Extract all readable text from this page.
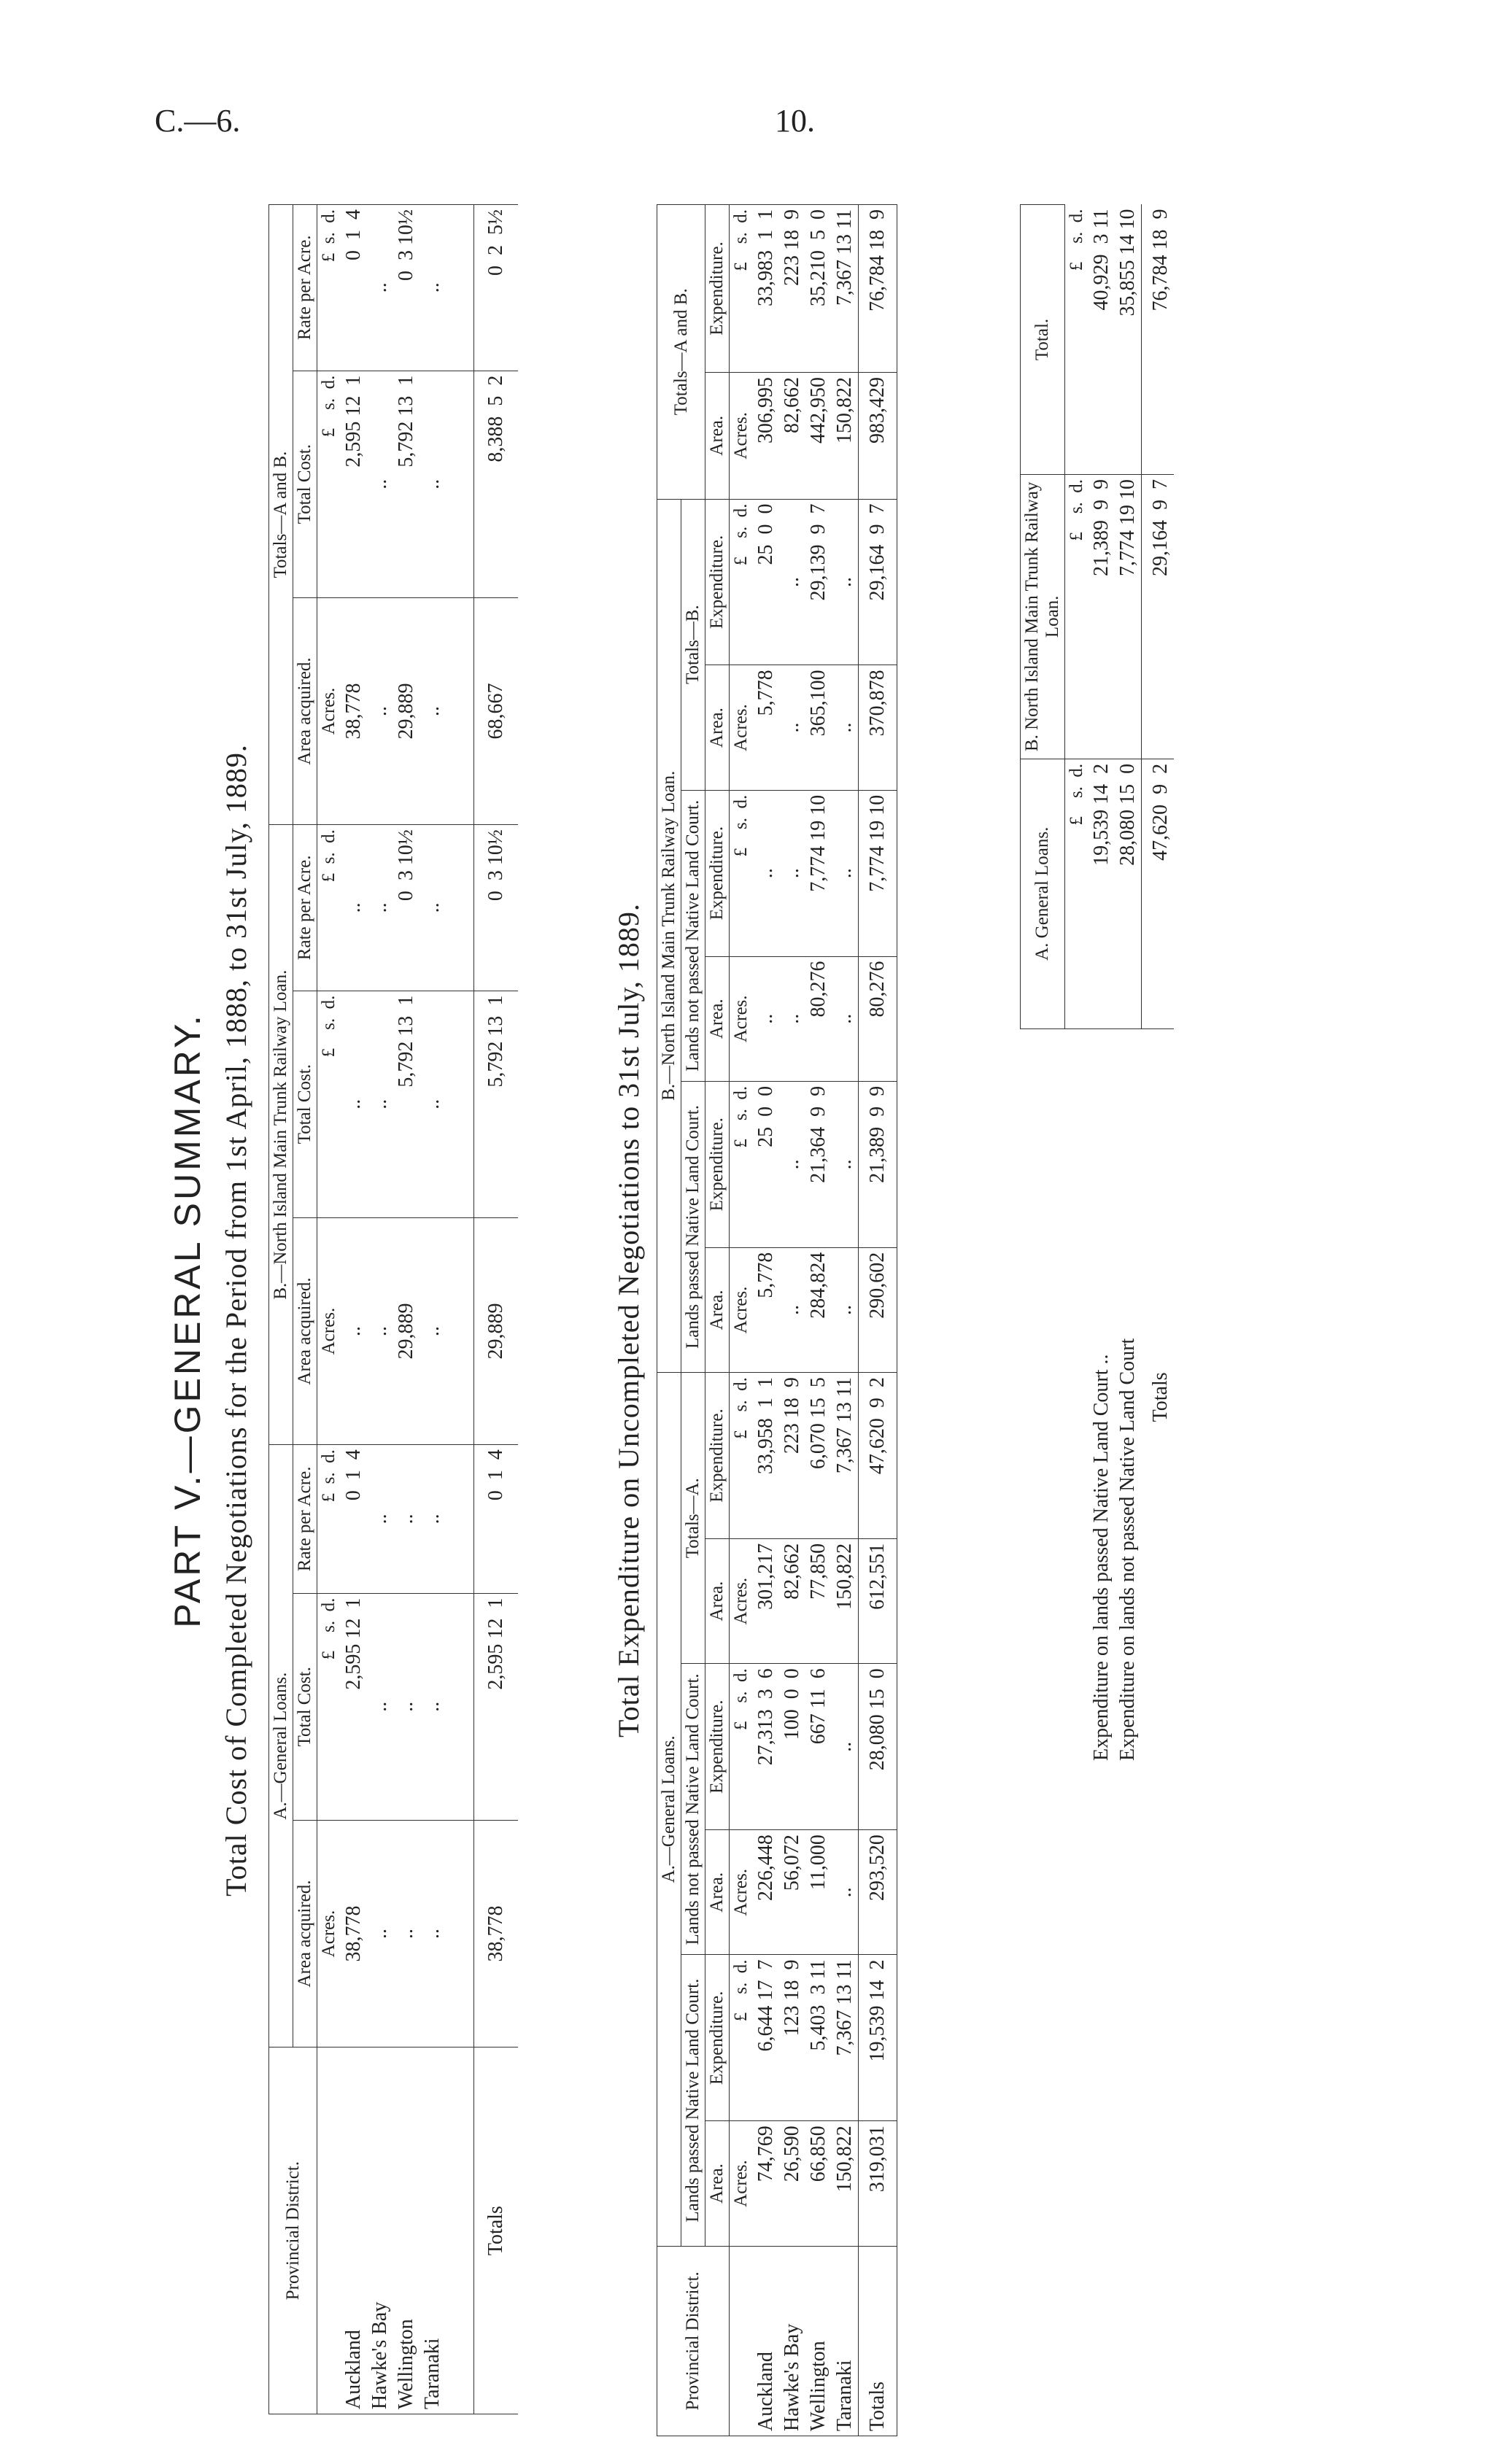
C.—6.	10.
PART V.—GENERAL SUMMARY. Total Cost of Completed Negotiations for the Period from 1st April, 1888, to 31st July, 1889.
Provincial District.	A.—General Loans.			B.—North Island Main Trunk Railway Loan.			Totals—A and B.		
	Area acquired.	Total Cost.	Rate per Acre.	Area acquired.	Total Cost.	Rate per Acre.	Area acquired.	Total Cost.	Rate per Acre.
	Acres.	£    s.  d.	£  s.  d.	Acres.	£    s.  d.	£  s.  d.	Acres.	£    s.  d.	£  s.  d.
Auckland	38,778	2,595 12  1	0  1  4	..	..	..	38,778	2,595 12  1	0  1  4
Hawke's Bay	..	..	..	..	..	..	..	..	..
Wellington	..	..	..	29,889	5,792 13  1	0  3 10½	29,889	5,792 13  1	0  3 10½
Taranaki	..	..	..	..	..	..	..	..	..
Totals	38,778	2,595 12  1	0  1  4	29,889	5,792 13  1	0  3 10½	68,667	8,388  5  2	0  2  5½
Total Expenditure on Uncompleted Negotiations to 31st July, 1889.
Provincial District.	A.—General Loans.						B.—North Island Main Trunk Railway Loan.						Totals—A and B.	
	Lands passed Native Land Court.		Lands not passed Native Land Court.		Totals—A.		Lands passed Native Land Court.		Lands not passed Native Land Court.		Totals—B.			
	Area.	Expenditure.	Area.	Expenditure.	Area.	Expenditure.	Area.	Expenditure.	Area.	Expenditure.	Area.	Expenditure.	Area.	Expenditure.
	Acres.	£    s.  d.	Acres.	£    s.  d.	Acres.	£    s.  d.	Acres.	£    s.  d.	Acres.	£    s.  d.	Acres.	£    s.  d.	Acres.	£    s.  d.
Auckland	74,769	6,644 17  7	226,448	27,313  3  6	301,217	33,958  1  1	5,778	25  0  0	..	..	5,778	25  0  0	306,995	33,983  1  1
Hawke's Bay	26,590	123 18  9	56,072	100  0  0	82,662	223 18  9	..	..	..	..	..	..	82,662	223 18  9
Wellington	66,850	5,403  3 11	11,000	667 11  6	77,850	6,070 15  5	284,824	21,364  9  9	80,276	7,774 19 10	365,100	29,139  9  7	442,950	35,210  5  0
Taranaki	150,822	7,367 13 11	..	..	150,822	7,367 13 11	..	..	..	..	..	..	150,822	7,367 13 11
Totals	319,031	19,539 14  2	293,520	28,080 15  0	612,551	47,620  9  2	290,602	21,389  9  9	80,276	7,774 19 10	370,878	29,164  9  7	983,429	76,784 18  9
	A. General Loans.	B. North Island Main Trunk Railway Loan.	Total.
	£    s.  d.	£    s.  d.	£    s.  d.
Expenditure on lands passed Native Land Court ..	19,539 14  2	21,389  9  9	40,929  3 11
Expenditure on lands not passed Native Land Court	28,080 15  0	7,774 19 10	35,855 14 10
Totals	47,620  9  2	29,164  9  7	76,784 18  9
